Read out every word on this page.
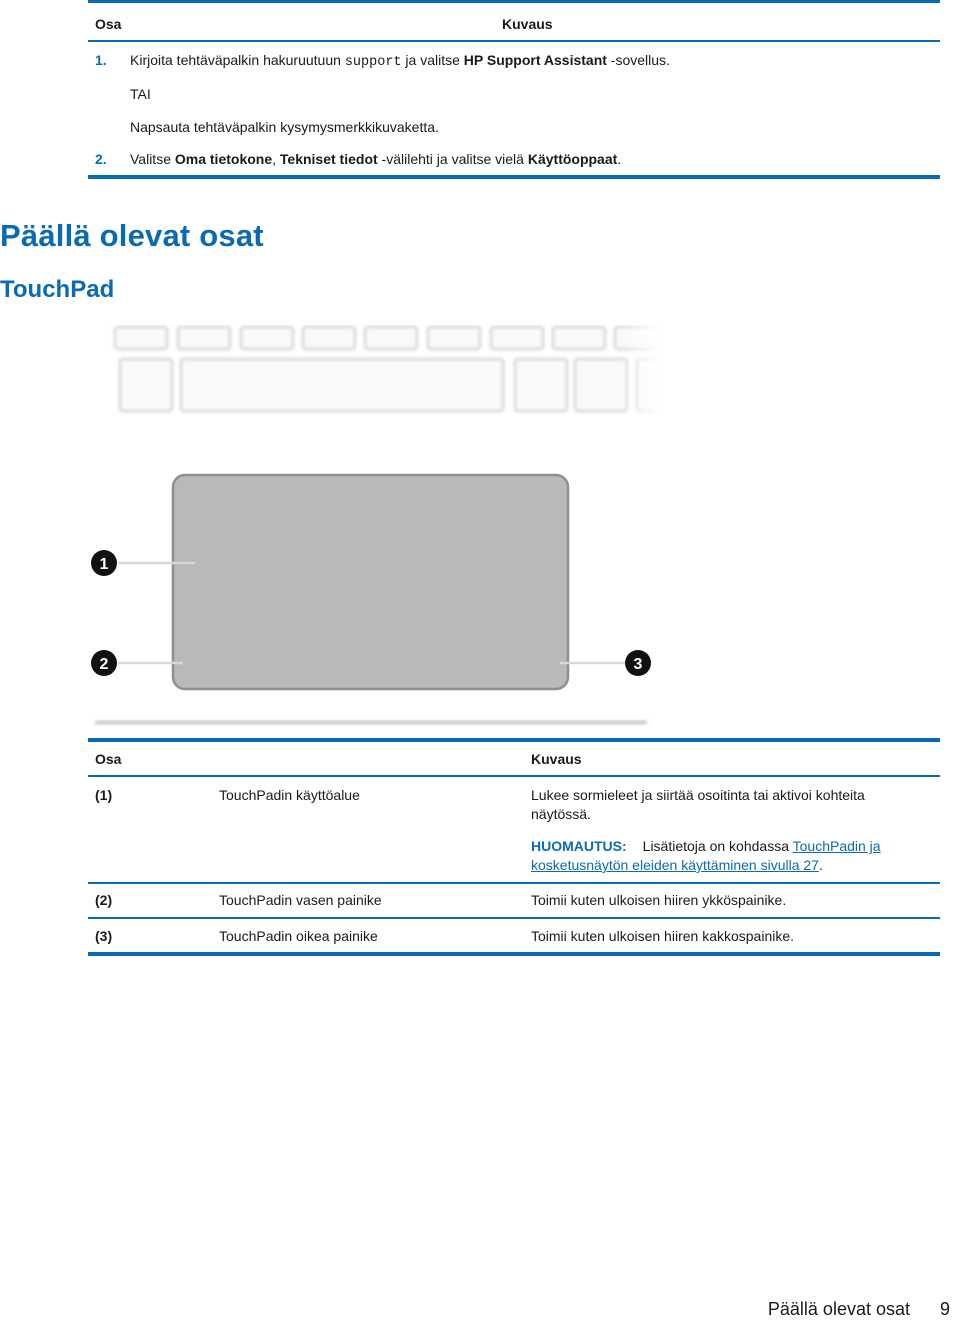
Osa	Kuvaus
1. Kirjoita tehtäväpalkin hakuruutuun support ja valitse HP Support Assistant -sovellus.
TAI
Napsauta tehtäväpalkin kysymysmerkkikuvaketta.
2. Valitse Oma tietokone, Tekniset tiedot -välilehti ja valitse vielä Käyttöoppaat.
Päällä olevat osat
TouchPad
1
2	3
Osa	Kuvaus
(1)	TouchPadin käyttöalue	Lukee sormieleet ja siirtää osoitinta tai aktivoi kohteita
näytössä.
HUOMAUTUS: Lisätietoja on kohdassa TouchPadin ja
kosketusnäytön eleiden käyttäminen sivulla 27.
(2)	TouchPadin vasen painike	Toimii kuten ulkoisen hiiren ykköspainike.
(3)	TouchPadin oikea painike	Toimii kuten ulkoisen hiiren kakkospainike.
Päällä olevat osat 9
